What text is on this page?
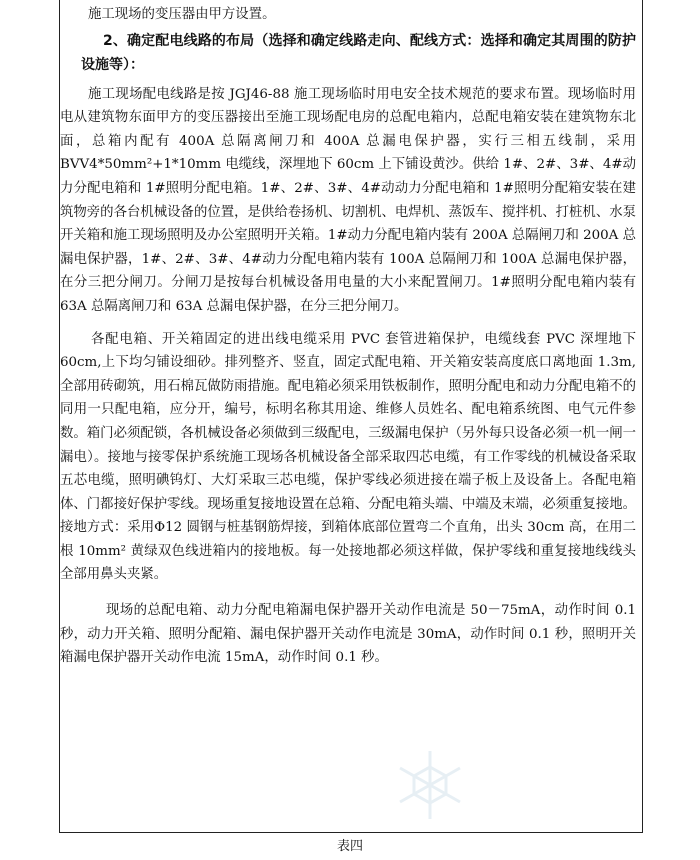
施工现场的变压器由甲方设置。

2、确定配电线路的布局（选择和确定线路走向、配线方式：选择和确定其周围的防护设施等）：

施工现场配电线路是按 JGJ46-88 施工现场临时用电安全技术规范的要求布置。现场临时用电从建筑物东面甲方的变压器接出至施工现场配电房的总配电箱内，总配电箱安装在建筑物东北面，总箱内配有 400A 总隔离闸刀和 400A 总漏电保护器，实行三相五线制，采用BVV4*50mm²+1*10mm 电缆线，深埋地下 60cm 上下铺设黄沙。供给 1#、2#、3#、4#动力分配电箱和 1#照明分配电箱。1#、2#、3#、4#动动力分配电箱和 1#照明分配箱安装在建筑物旁的各台机械设备的位置，是供给卷扬机、切割机、电焊机、蒸饭车、搅拌机、打桩机、水泵开关箱和施工现场照明及办公室照明开关箱。1#动力分配电箱内装有 200A 总隔闸刀和 200A 总漏电保护器，1#、2#、3#、4#动力分配电箱内装有 100A 总隔闸刀和 100A 总漏电保护器，在分三把分闸刀。分闸刀是按每台机械设备用电量的大小来配置闸刀。1#照明分配电箱内装有 63A 总隔离闸刀和 63A 总漏电保护器，在分三把分闸刀。

各配电箱、开关箱固定的进出线电缆采用 PVC 套管进箱保护，电缆线套 PVC 深埋地下 60cm,上下均匀铺设细砂。排列整齐、竖直，固定式配电箱、开关箱安装高度底口离地面 1.3m,全部用砖砌筑，用石棉瓦做防雨措施。配电箱必须采用铁板制作，照明分配电和动力分配电箱不的同用一只配电箱，应分开，编号，标明名称其用途、维修人员姓名、配电箱系统图、电气元件参数。箱门必须配锁，各机械设备必须做到三级配电，三级漏电保护（另外每只设备必须一机一闸一漏电）。接地与接零保护系统施工现场各机械设备全部采取四芯电缆，有工作零线的机械设备采取五芯电缆，照明碘钨灯、大灯采取三芯电缆，保护零线必须进接在端子板上及设备上。各配电箱体、门都接好保护零线。现场重复接地设置在总箱、分配电箱头端、中端及末端，必须重复接地。接地方式：采用Φ12 圆钢与桩基钢筋焊接，到箱体底部位置弯二个直角，出头 30cm 高，在用二根 10mm² 黄绿双色线进箱内的接地板。每一处接地都必须这样做，保护零线和重复接地线线头全部用鼻头夹紧。

现场的总配电箱、动力分配电箱漏电保护器开关动作电流是 50－75mA，动作时间 0.1 秒，动力开关箱、照明分配箱、漏电保护器开关动作电流是 30mA，动作时间 0.1 秒，照明开关箱漏电保护器开关动作电流 15mA，动作时间 0.1 秒。

表四
